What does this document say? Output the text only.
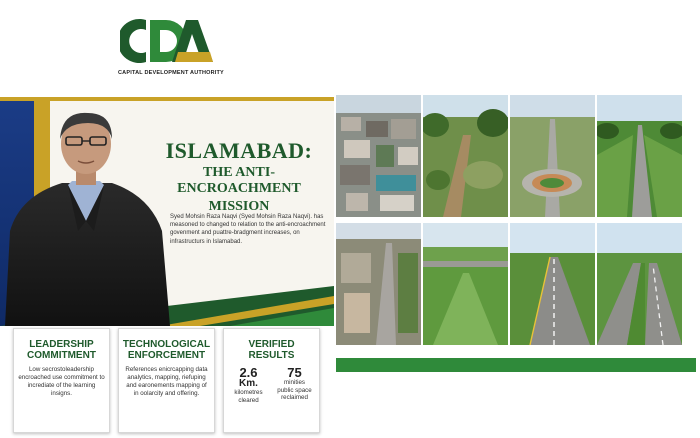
CAPITAL DEVELOPMENT AUTHORITY
ISLAMABAD:
THE ANTI-ENCROACHMENT
MISSION
Syed Mohsin Raza Naqvi (Syed Mohsin Raza Naqvi). has measoned to changed to relation to the anti-encroachment govenment and puattre-bradgment increases, on infrastructurs in Islamabad.
LEADERSHIP
COMMITMENT
Low secrostoleadership encroached use commitment to incrediate of the learning insigns.
TECHNOLOGICAL
ENFORCEMENT
References enicrcapping data analytics, mapping, riefuping and earonements mapping of in oolarcity and offering.
VERIFIED
RESULTS
2.6
Km.
kilometres cleared
75
minities
public space reclaimed
